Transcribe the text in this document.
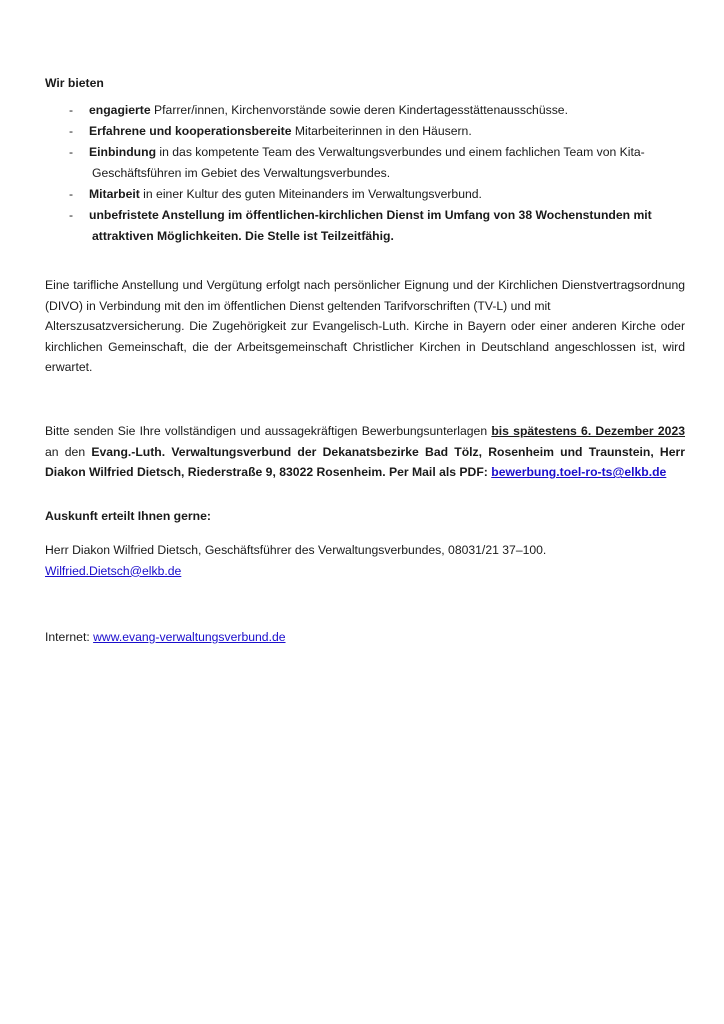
Wir bieten
- engagierte Pfarrer/innen, Kirchenvorstände sowie deren Kindertagesstättenausschüsse.
- Erfahrene und kooperationsbereite Mitarbeiterinnen in den Häusern.
- Einbindung in das kompetente Team des Verwaltungsverbundes und einem fachlichen Team von Kita-
Geschäftsführen im Gebiet des Verwaltungsverbundes.
- Mitarbeit in einer Kultur des guten Miteinanders im Verwaltungsverbund.
- unbefristete Anstellung im öffentlichen-kirchlichen Dienst im Umfang von 38 Wochenstunden mit
attraktiven Möglichkeiten. Die Stelle ist Teilzeitfähig.
Eine tarifliche Anstellung und Vergütung erfolgt nach persönlicher Eignung und der Kirchlichen Dienstvertragsordnung
(DIVO) in Verbindung mit den im öffentlichen Dienst geltenden Tarifvorschriften (TV-L) und mit
Alterszusatzversicherung. Die Zugehörigkeit zur Evangelisch-Luth. Kirche in Bayern oder einer anderen Kirche oder
kirchlichen Gemeinschaft, die der Arbeitsgemeinschaft Christlicher Kirchen in Deutschland angeschlossen ist, wird
erwartet.
Bitte senden Sie Ihre vollständigen und aussagekräftigen Bewerbungsunterlagen bis spätestens 6. Dezember 2023
an den Evang.-Luth. Verwaltungsverbund der Dekanatsbezirke Bad Tölz, Rosenheim und Traunstein, Herr
Diakon Wilfried Dietsch, Riederstraße 9, 83022 Rosenheim. Per Mail als PDF: bewerbung.toel-ro-ts@elkb.de
Auskunft erteilt Ihnen gerne:
Herr Diakon Wilfried Dietsch, Geschäftsführer des Verwaltungsverbundes, 08031/21 37–100.
Wilfried.Dietsch@elkb.de
Internet: www.evang-verwaltungsverbund.de
